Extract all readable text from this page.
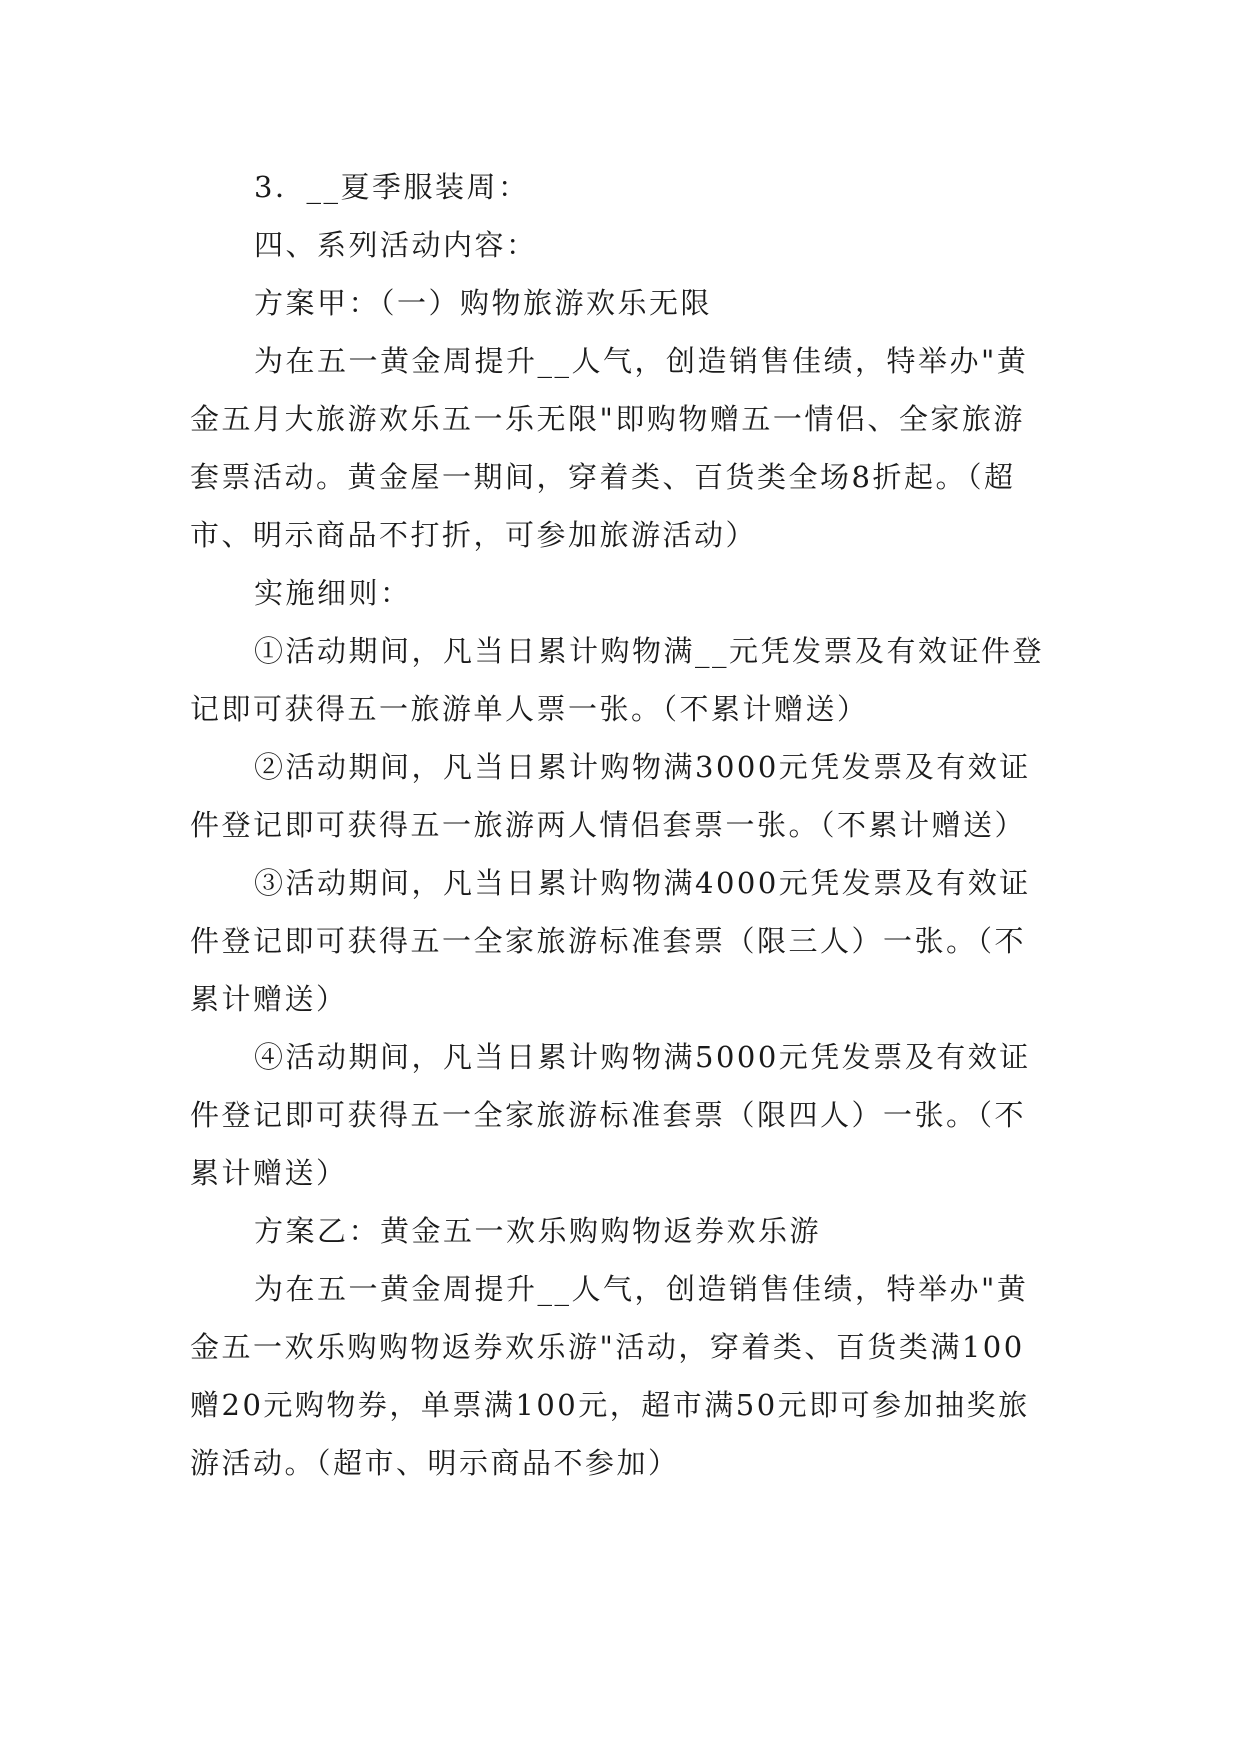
3．__夏季服装周：

四、系列活动内容：

方案甲：（一）购物旅游欢乐无限

为在五一黄金周提升__人气，创造销售佳绩，特举办"黄金五月大旅游欢乐五一乐无限"即购物赠五一情侣、全家旅游套票活动。黄金屋一期间，穿着类、百货类全场8折起。（超市、明示商品不打折，可参加旅游活动）

实施细则：

①活动期间，凡当日累计购物满__元凭发票及有效证件登记即可获得五一旅游单人票一张。（不累计赠送）

②活动期间，凡当日累计购物满3000元凭发票及有效证件登记即可获得五一旅游两人情侣套票一张。（不累计赠送）

③活动期间，凡当日累计购物满4000元凭发票及有效证件登记即可获得五一全家旅游标准套票（限三人）一张。（不累计赠送）

④活动期间，凡当日累计购物满5000元凭发票及有效证件登记即可获得五一全家旅游标准套票（限四人）一张。（不累计赠送）

方案乙：黄金五一欢乐购购物返券欢乐游

为在五一黄金周提升__人气，创造销售佳绩，特举办"黄金五一欢乐购购物返券欢乐游"活动，穿着类、百货类满100赠20元购物券，单票满100元，超市满50元即可参加抽奖旅游活动。（超市、明示商品不参加）
